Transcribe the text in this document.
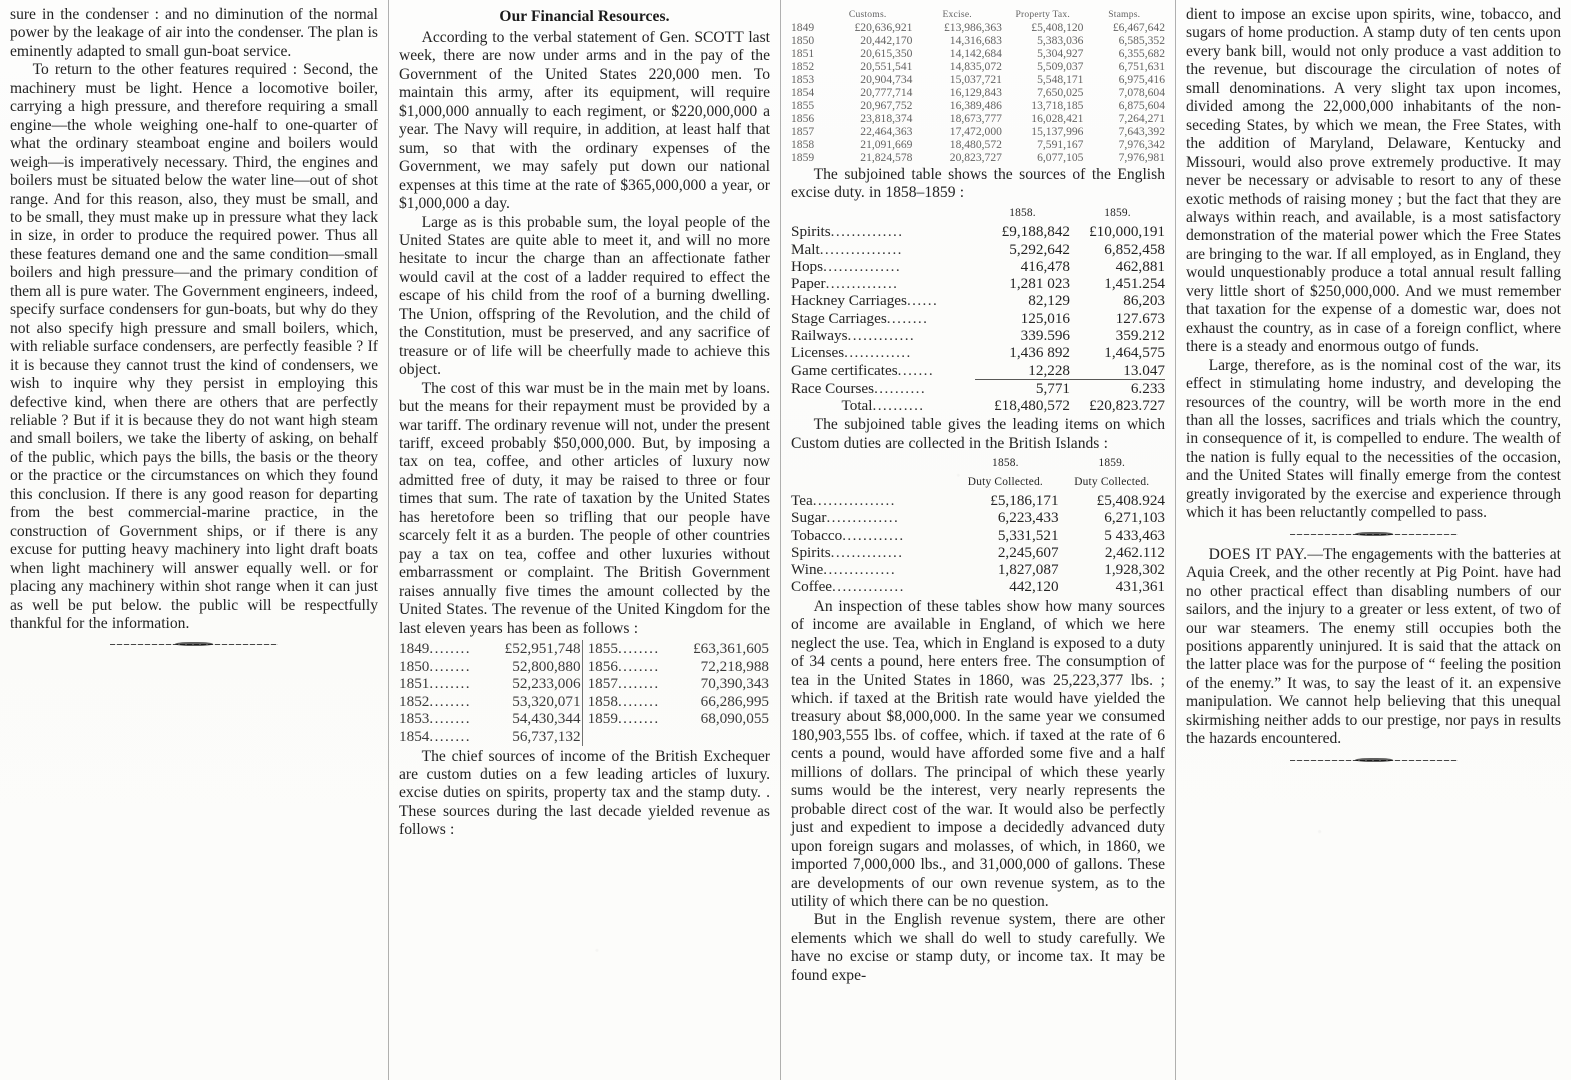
sure in the condenser : and no diminution of the normal power by the leakage of air into the condenser. The plan is eminently adapted to small gun-boat service.

To return to the other features required : Second, the machinery must be light. Hence a locomotive boiler, carrying a high pressure, and therefore requiring a small engine—the whole weighing one-half to one-quarter of what the ordinary steamboat engine and boilers would weigh—is imperatively necessary. Third, the engines and boilers must be situated below the water line—out of shot range. And for this reason, also, they must be small, and to be small, they must make up in pressure what they lack in size, in order to produce the required power. Thus all these features demand one and the same condition—small boilers and high pressure—and the primary condition of them all is pure water. The Government engineers, indeed, specify surface condensers for gun-boats, but why do they not also specify high pressure and small boilers, which, with reliable surface condensers, are perfectly feasible ? If it is because they cannot trust the kind of condensers, we wish to inquire why they persist in employing this defective kind, when there are others that are perfectly reliable ? But if it is because they do not want high steam and small boilers, we take the liberty of asking, on behalf of the public, which pays the bills, the basis or the theory or the practice or the circumstances on which they found this conclusion. If there is any good reason for departing from the best commercial-marine practice, in the construction of Government ships, or if there is any excuse for putting heavy machinery into light draft boats when light machinery will answer equally well. or for placing any machinery within shot range when it can just as well be put below. the public will be respectfully thankful for the information.

Our Financial Resources.

According to the verbal statement of Gen. SCOTT last week, there are now under arms and in the pay of the Government of the United States 220,000 men. To maintain this army, after its equipment, will require $1,000,000 annually to each regiment, or $220,000,000 a year. The Navy will require, in addition, at least half that sum, so that with the ordinary expenses of the Government, we may safely put down our national expenses at this time at the rate of $365,000,000 a year, or $1,000,000 a day.

Large as is this probable sum, the loyal people of the United States are quite able to meet it, and will no more hesitate to incur the charge than an affectionate father would cavil at the cost of a ladder required to effect the escape of his child from the roof of a burning dwelling. The Union, offspring of the Revolution, and the child of the Constitution, must be preserved, and any sacrifice of treasure or of life will be cheerfully made to achieve this object.

The cost of this war must be in the main met by loans. but the means for their repayment must be provided by a war tariff. The ordinary revenue will not, under the present tariff, exceed probably $50,000,000. But, by imposing a tax on tea, coffee, and other articles of luxury now admitted free of duty, it may be raised to three or four times that sum. The rate of taxation by the United States has heretofore been so trifling that our people have scarcely felt it as a burden. The people of other countries pay a tax on tea, coffee and other luxuries without embarrassment or complaint. The British Government raises annually five times the amount collected by the United States. The revenue of the United Kingdom for the last eleven years has been as follows :

1849	........	£52,951,748		1855	........	£63,361,605
1850	........	52,800,880		1856	........	72,218,988
1851	........	52,233,006		1857	........	70,390,343
1852	........	53,320,071		1858	........	66,286,995
1853	........	54,430,344		1859	........	68,090,055
1854	........	56,737,132				

The chief sources of income of the British Exchequer are custom duties on a few leading articles of luxury. excise duties on spirits, property tax and the stamp duty. . These sources during the last decade yielded revenue as follows :

	Customs.	Excise.	Property Tax.	Stamps.
1849	£20,636,921	£13,986,363	£5,408,120	£6,467,642
1850	20,442,170	14,316,683	5,383,036	6,585,352
1851	20,615,350	14,142,684	5,304,927	6,355,682
1852	20,551,541	14,835,072	5,509,037	6,751,631
1853	20,904,734	15,037,721	5,548,171	6,975,416
1854	20,777,714	16,129,843	7,650,025	7,078,604
1855	20,967,752	16,389,486	13,718,185	6,875,604
1856	23,818,374	18,673,777	16,028,421	7,264,271
1857	22,464,363	17,472,000	15,137,996	7,643,392
1858	21,091,669	18,480,572	7,591,167	7,976,342
1859	21,824,578	20,823,727	6,077,105	7,976,981

The subjoined table shows the sources of the English excise duty. in 1858–1859 :

	1858.	1859.
Spirits..............	£9,188,842	£10,000,191
Malt................	5,292,642	6,852,458
Hops...............	416,478	462,881
Paper..............	1,281 023	1,451.254
Hackney Carriages......	82,129	86,203
Stage Carriages........	125,016	127.673
Railways.............	339.596	359.212
Licenses.............	1,436 892	1,464,575
Game certificates.......	12,228	13.047
Race Courses..........	5,771	6.233
Total..........	£18,480,572	£20,823.727

The subjoined table gives the leading items on which Custom duties are collected in the British Islands :

	1858.	1859.
	Duty Collected.	Duty Collected.
Tea................	£5,186,171	£5,408.924
Sugar..............	6,223,433	6,271,103
Tobacco............	5,331,521	5 433,463
Spirits..............	2,245,607	2,462.112
Wine..............	1,827,087	1,928,302
Coffee..............	442,120	431,361

An inspection of these tables show how many sources of income are available in England, of which we here neglect the use. Tea, which in England is exposed to a duty of 34 cents a pound, here enters free. The consumption of tea in the United States in 1860, was 25,223,377 lbs. ; which. if taxed at the British rate would have yielded the treasury about $8,000,000. In the same year we consumed 180,903,555 lbs. of coffee, which. if taxed at the rate of 6 cents a pound, would have afforded some five and a half millions of dollars. The principal of which these yearly sums would be the interest, very nearly represents the probable direct cost of the war. It would also be perfectly just and expedient to impose a decidedly advanced duty upon foreign sugars and molasses, of which, in 1860, we imported 7,000,000 lbs., and 31,000,000 of gallons. These are developments of our own revenue system, as to the utility of which there can be no question.

But in the English revenue system, there are other elements which we shall do well to study carefully. We have no excise or stamp duty, or income tax. It may be found expe-

dient to impose an excise upon spirits, wine, tobacco, and sugars of home production. A stamp duty of ten cents upon every bank bill, would not only produce a vast addition to the revenue, but discourage the circulation of notes of small denominations. A very slight tax upon incomes, divided among the 22,000,000 inhabitants of the non-seceding States, by which we mean, the Free States, with the addition of Maryland, Delaware, Kentucky and Missouri, would also prove extremely productive. It may never be necessary or advisable to resort to any of these exotic methods of raising money ; but the fact that they are always within reach, and available, is a most satisfactory demonstration of the material power which the Free States are bringing to the war. If all employed, as in England, they would unquestionably produce a total annual result falling very little short of $250,000,000. And we must remember that taxation for the expense of a domestic war, does not exhaust the country, as in case of a foreign conflict, where there is a steady and enormous outgo of funds.

Large, therefore, as is the nominal cost of the war, its effect in stimulating home industry, and developing the resources of the country, will be worth more in the end than all the losses, sacrifices and trials which the country, in consequence of it, is compelled to endure. The wealth of the nation is fully equal to the necessities of the occasion, and the United States will finally emerge from the contest greatly invigorated by the exercise and experience through which it has been reluctantly compelled to pass.

DOES IT PAY.—The engagements with the batteries at Aquia Creek, and the other recently at Pig Point. have had no other practical effect than disabling numbers of our sailors, and the injury to a greater or less extent, of two of our war steamers. The enemy still occupies both the positions apparently uninjured. It is said that the attack on the latter place was for the purpose of “ feeling the position of the enemy.” It was, to say the least of it. an expensive manipulation. We cannot help believing that this unequal skirmishing neither adds to our prestige, nor pays in results the hazards encountered.
